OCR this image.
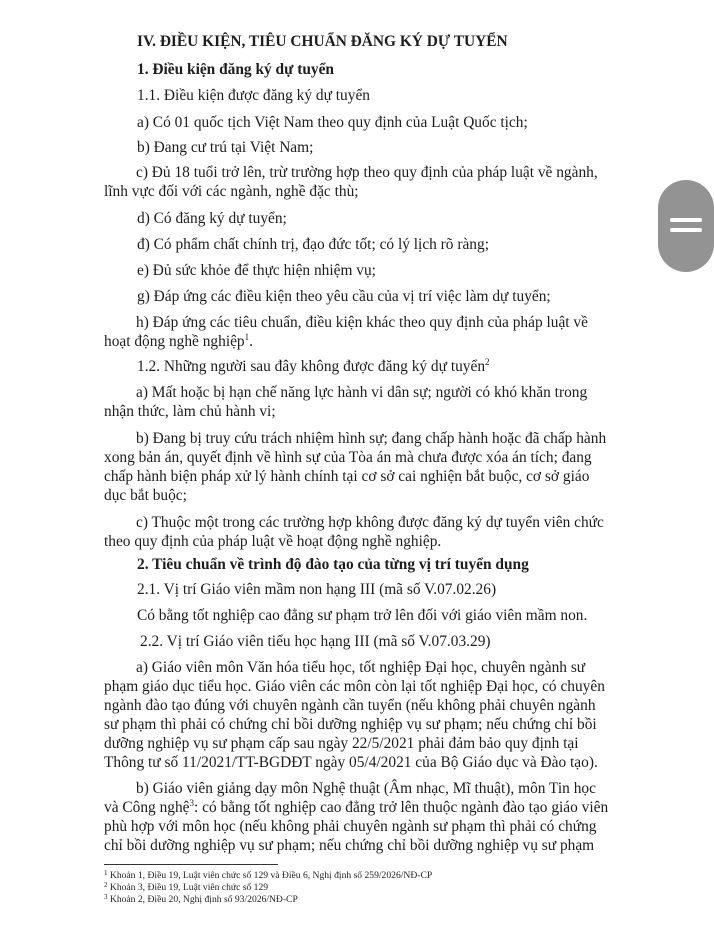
IV. ĐIỀU KIỆN, TIÊU CHUẨN ĐĂNG KÝ DỰ TUYỂN
1. Điều kiện đăng ký dự tuyển
1.1. Điều kiện được đăng ký dự tuyển
a) Có 01 quốc tịch Việt Nam theo quy định của Luật Quốc tịch;
b) Đang cư trú tại Việt Nam;
c) Đủ 18 tuổi trở lên, trừ trường hợp theo quy định của pháp luật về ngành,
lĩnh vực đối với các ngành, nghề đặc thù;
d) Có đăng ký dự tuyển;
đ) Có phẩm chất chính trị, đạo đức tốt; có lý lịch rõ ràng;
e) Đủ sức khỏe để thực hiện nhiệm vụ;
g) Đáp ứng các điều kiện theo yêu cầu của vị trí việc làm dự tuyển;
h) Đáp ứng các tiêu chuẩn, điều kiện khác theo quy định của pháp luật về
hoạt động nghề nghiệp$^1$.
1.2. Những người sau đây không được đăng ký dự tuyển$^2$
a) Mất hoặc bị hạn chế năng lực hành vi dân sự; người có khó khăn trong
nhận thức, làm chủ hành vi;
b) Đang bị truy cứu trách nhiệm hình sự; đang chấp hành hoặc đã chấp hành
xong bản án, quyết định về hình sự của Tòa án mà chưa được xóa án tích; đang
chấp hành biện pháp xử lý hành chính tại cơ sở cai nghiện bắt buộc, cơ sở giáo
dục bắt buộc;
c) Thuộc một trong các trường hợp không được đăng ký dự tuyển viên chức
theo quy định của pháp luật về hoạt động nghề nghiệp.
2. Tiêu chuẩn về trình độ đào tạo của từng vị trí tuyển dụng
2.1. Vị trí Giáo viên mầm non hạng III (mã số V.07.02.26)
Có bằng tốt nghiệp cao đẳng sư phạm trở lên đối với giáo viên mầm non.
2.2. Vị trí Giáo viên tiểu học hạng III (mã số V.07.03.29)
a) Giáo viên môn Văn hóa tiểu học, tốt nghiệp Đại học, chuyên ngành sư
phạm giáo dục tiểu học. Giáo viên các môn còn lại tốt nghiệp Đại học, có chuyên
ngành đào tạo đúng với chuyên ngành cần tuyển (nếu không phải chuyên ngành
sư phạm thì phải có chứng chỉ bồi dưỡng nghiệp vụ sư phạm; nếu chứng chỉ bồi
dưỡng nghiệp vụ sư phạm cấp sau ngày 22/5/2021 phải đảm bảo quy định tại
Thông tư số 11/2021/TT-BGDĐT ngày 05/4/2021 của Bộ Giáo dục và Đào tạo).
b) Giáo viên giảng dạy môn Nghệ thuật (Âm nhạc, Mĩ thuật), môn Tin học
và Công nghệ$^3$: có bằng tốt nghiệp cao đẳng trở lên thuộc ngành đào tạo giáo viên
phù hợp với môn học (nếu không phải chuyên ngành sư phạm thì phải có chứng
chỉ bồi dưỡng nghiệp vụ sư phạm; nếu chứng chỉ bồi dưỡng nghiệp vụ sư phạm
$^1$ Khoản 1, Điều 19, Luật viên chức số 129 và Điều 6, Nghị định số 259/2026/NĐ-CP
$^2$ Khoản 3, Điều 19, Luật viên chức số 129
$^3$ Khoản 2, Điều 20, Nghị định số 93/2026/NĐ-CP
